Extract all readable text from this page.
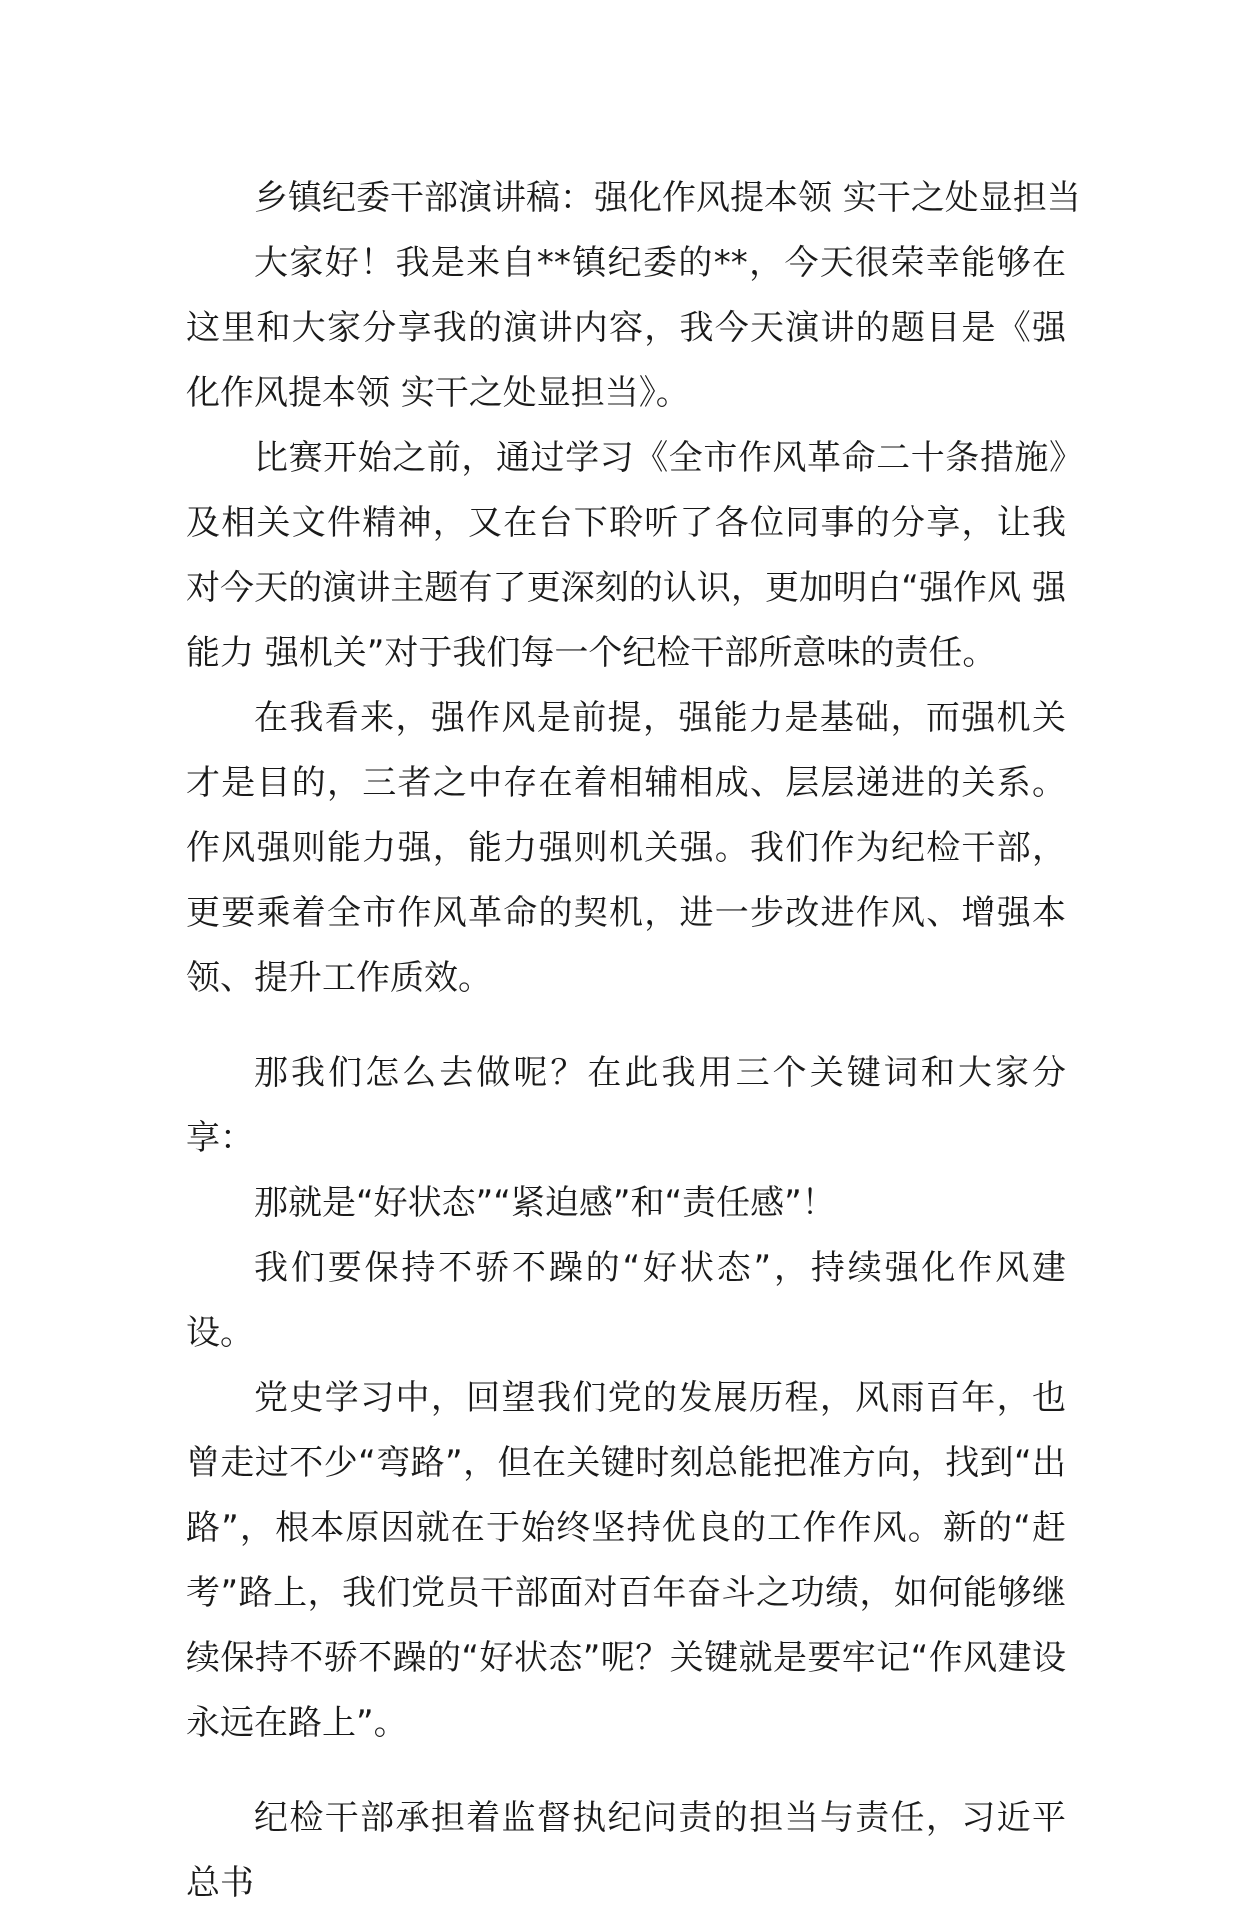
乡镇纪委干部演讲稿：强化作风提本领 实干之处显担当

大家好！我是来自**镇纪委的**，今天很荣幸能够在这里和大家分享我的演讲内容，我今天演讲的题目是《强化作风提本领 实干之处显担当》。

比赛开始之前，通过学习《全市作风革命二十条措施》及相关文件精神，又在台下聆听了各位同事的分享，让我对今天的演讲主题有了更深刻的认识，更加明白“强作风 强能力 强机关”对于我们每一个纪检干部所意味的责任。

在我看来，强作风是前提，强能力是基础，而强机关才是目的，三者之中存在着相辅相成、层层递进的关系。作风强则能力强，能力强则机关强。我们作为纪检干部，更要乘着全市作风革命的契机，进一步改进作风、增强本领、提升工作质效。

那我们怎么去做呢？在此我用三个关键词和大家分享：

那就是“好状态”“紧迫感”和“责任感”！

我们要保持不骄不躁的“好状态”，持续强化作风建设。

党史学习中，回望我们党的发展历程，风雨百年，也曾走过不少“弯路”，但在关键时刻总能把准方向，找到“出路”，根本原因就在于始终坚持优良的工作作风。新的“赶考”路上，我们党员干部面对百年奋斗之功绩，如何能够继续保持不骄不躁的“好状态”呢？关键就是要牢记“作风建设永远在路上”。

纪检干部承担着监督执纪问责的担当与责任，习近平总书
